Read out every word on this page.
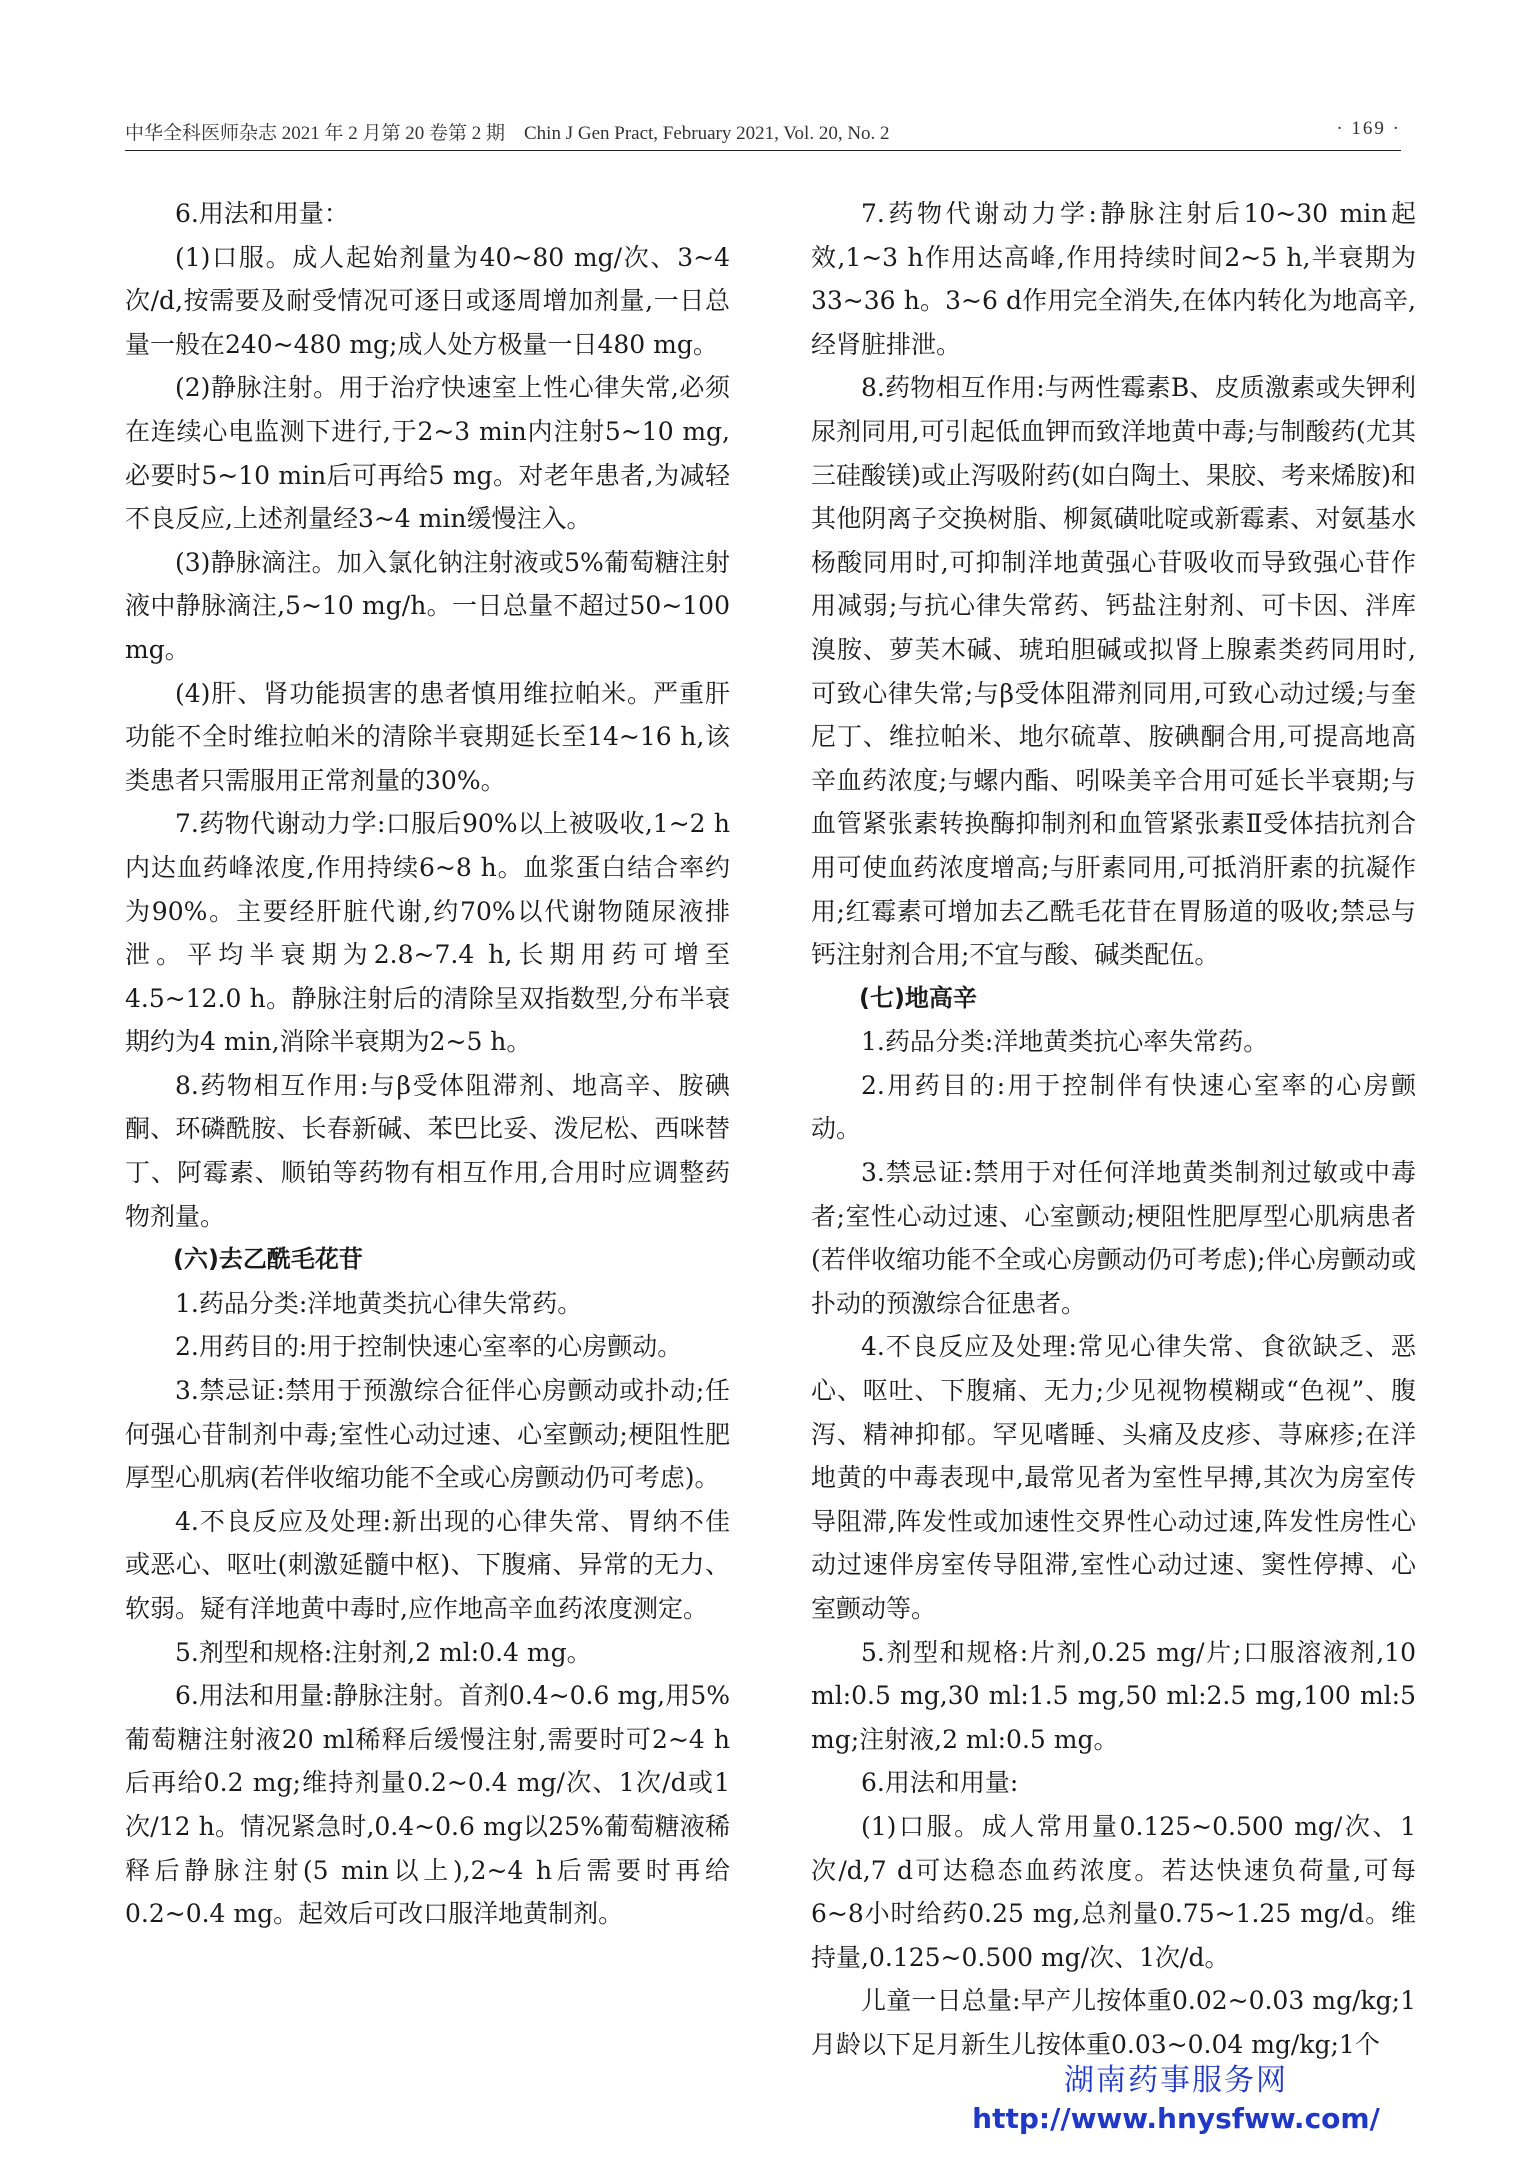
中华全科医师杂志 2021 年 2 月第 20 卷第 2 期　Chin J Gen Pract, February 2021, Vol. 20, No. 2	· 169 ·

6.用法和用量：

(1)口服。成人起始剂量为40~80 mg/次、3~4次/d,按需要及耐受情况可逐日或逐周增加剂量,一日总量一般在240~480 mg;成人处方极量一日480 mg。

(2)静脉注射。用于治疗快速室上性心律失常,必须在连续心电监测下进行,于2~3 min内注射5~10 mg,必要时5~10 min后可再给5 mg。对老年患者,为减轻不良反应,上述剂量经3~4 min缓慢注入。

(3)静脉滴注。加入氯化钠注射液或5%葡萄糖注射液中静脉滴注,5~10 mg/h。一日总量不超过50~100 mg。

(4)肝、肾功能损害的患者慎用维拉帕米。严重肝功能不全时维拉帕米的清除半衰期延长至14~16 h,该类患者只需服用正常剂量的30%。

7.药物代谢动力学:口服后90%以上被吸收,1~2 h内达血药峰浓度,作用持续6~8 h。血浆蛋白结合率约为90%。主要经肝脏代谢,约70%以代谢物随尿液排泄。平均半衰期为2.8~7.4 h,长期用药可增至4.5~12.0 h。静脉注射后的清除呈双指数型,分布半衰期约为4 min,消除半衰期为2~5 h。

8.药物相互作用:与β受体阻滞剂、地高辛、胺碘酮、环磷酰胺、长春新碱、苯巴比妥、泼尼松、西咪替丁、阿霉素、顺铂等药物有相互作用,合用时应调整药物剂量。

(六)去乙酰毛花苷

1.药品分类:洋地黄类抗心律失常药。

2.用药目的:用于控制快速心室率的心房颤动。

3.禁忌证:禁用于预激综合征伴心房颤动或扑动;任何强心苷制剂中毒;室性心动过速、心室颤动;梗阻性肥厚型心肌病(若伴收缩功能不全或心房颤动仍可考虑)。

4.不良反应及处理:新出现的心律失常、胃纳不佳或恶心、呕吐(刺激延髓中枢)、下腹痛、异常的无力、软弱。疑有洋地黄中毒时,应作地高辛血药浓度测定。

5.剂型和规格:注射剂,2 ml:0.4 mg。

6.用法和用量:静脉注射。首剂0.4~0.6 mg,用5%葡萄糖注射液20 ml稀释后缓慢注射,需要时可2~4 h后再给0.2 mg;维持剂量0.2~0.4 mg/次、1次/d或1次/12 h。情况紧急时,0.4~0.6 mg以25%葡萄糖液稀释后静脉注射(5 min以上),2~4 h后需要时再给0.2~0.4 mg。起效后可改口服洋地黄制剂。

7.药物代谢动力学:静脉注射后10~30 min起效,1~3 h作用达高峰,作用持续时间2~5 h,半衰期为33~36 h。3~6 d作用完全消失,在体内转化为地高辛,经肾脏排泄。

8.药物相互作用:与两性霉素B、皮质激素或失钾利尿剂同用,可引起低血钾而致洋地黄中毒;与制酸药(尤其三硅酸镁)或止泻吸附药(如白陶土、果胶、考来烯胺)和其他阴离子交换树脂、柳氮磺吡啶或新霉素、对氨基水杨酸同用时,可抑制洋地黄强心苷吸收而导致强心苷作用减弱;与抗心律失常药、钙盐注射剂、可卡因、泮库溴胺、萝芙木碱、琥珀胆碱或拟肾上腺素类药同用时,可致心律失常;与β受体阻滞剂同用,可致心动过缓;与奎尼丁、维拉帕米、地尔硫䓬、胺碘酮合用,可提高地高辛血药浓度;与螺内酯、吲哚美辛合用可延长半衰期;与血管紧张素转换酶抑制剂和血管紧张素Ⅱ受体拮抗剂合用可使血药浓度增高;与肝素同用,可抵消肝素的抗凝作用;红霉素可增加去乙酰毛花苷在胃肠道的吸收;禁忌与钙注射剂合用;不宜与酸、碱类配伍。

(七)地高辛

1.药品分类:洋地黄类抗心率失常药。

2.用药目的:用于控制伴有快速心室率的心房颤动。

3.禁忌证:禁用于对任何洋地黄类制剂过敏或中毒者;室性心动过速、心室颤动;梗阻性肥厚型心肌病患者(若伴收缩功能不全或心房颤动仍可考虑);伴心房颤动或扑动的预激综合征患者。

4.不良反应及处理:常见心律失常、食欲缺乏、恶心、呕吐、下腹痛、无力;少见视物模糊或“色视”、腹泻、精神抑郁。罕见嗜睡、头痛及皮疹、荨麻疹;在洋地黄的中毒表现中,最常见者为室性早搏,其次为房室传导阻滞,阵发性或加速性交界性心动过速,阵发性房性心动过速伴房室传导阻滞,室性心动过速、窦性停搏、心室颤动等。

5.剂型和规格:片剂,0.25 mg/片;口服溶液剂,10 ml:0.5 mg,30 ml:1.5 mg,50 ml:2.5 mg,100 ml:5 mg;注射液,2 ml:0.5 mg。

6.用法和用量:

(1)口服。成人常用量0.125~0.500 mg/次、1次/d,7 d可达稳态血药浓度。若达快速负荷量,可每6~8小时给药0.25 mg,总剂量0.75~1.25 mg/d。维持量,0.125~0.500 mg/次、1次/d。

儿童一日总量:早产儿按体重0.02~0.03 mg/kg;1月龄以下足月新生儿按体重0.03~0.04 mg/kg;1个

湖南药事服务网
http://www.hnysfww.com/
